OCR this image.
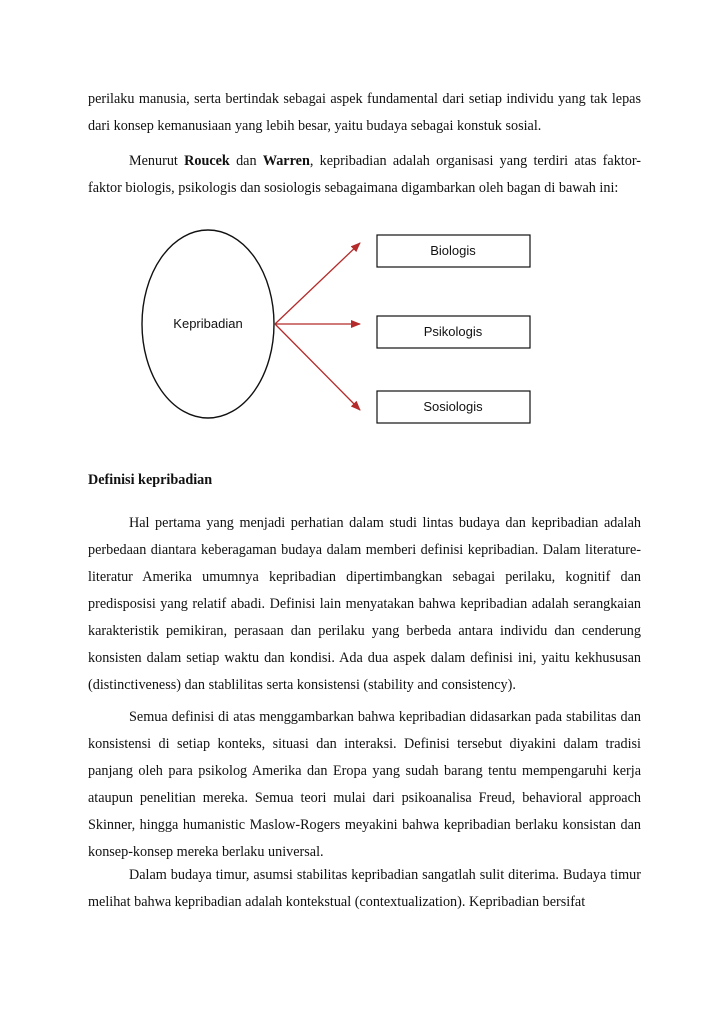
perilaku manusia, serta bertindak sebagai aspek fundamental dari setiap individu yang tak lepas dari konsep kemanusiaan yang lebih besar, yaitu budaya sebagai konstuk sosial.

Menurut Roucek dan Warren, kepribadian adalah organisasi yang terdiri atas faktor-faktor biologis, psikologis dan sosiologis sebagaimana digambarkan oleh bagan di bawah ini:

Kepribadian
Biologis
Psikologis
Sosiologis

Definisi kepribadian

Hal pertama yang menjadi perhatian dalam studi lintas budaya dan kepribadian adalah perbedaan diantara keberagaman budaya dalam memberi definisi kepribadian. Dalam literature-literatur Amerika umumnya kepribadian dipertimbangkan sebagai perilaku, kognitif dan predisposisi yang relatif abadi. Definisi lain menyatakan bahwa kepribadian adalah serangkaian karakteristik pemikiran, perasaan dan perilaku yang berbeda antara individu dan cenderung konsisten dalam setiap waktu dan kondisi. Ada dua aspek dalam definisi ini, yaitu kekhususan (distinctiveness) dan stablilitas serta konsistensi (stability and consistency).

Semua definisi di atas menggambarkan bahwa kepribadian didasarkan pada stabilitas dan konsistensi di setiap konteks, situasi dan interaksi. Definisi tersebut diyakini dalam tradisi panjang oleh para psikolog Amerika dan Eropa yang sudah barang tentu mempengaruhi kerja ataupun penelitian mereka. Semua teori mulai dari psikoanalisa Freud, behavioral approach Skinner, hingga humanistic Maslow-Rogers meyakini bahwa kepribadian berlaku konsistan dan konsep-konsep mereka berlaku universal.

Dalam budaya timur, asumsi stabilitas kepribadian sangatlah sulit diterima. Budaya timur melihat bahwa kepribadian adalah kontekstual (contextualization). Kepribadian bersifat
